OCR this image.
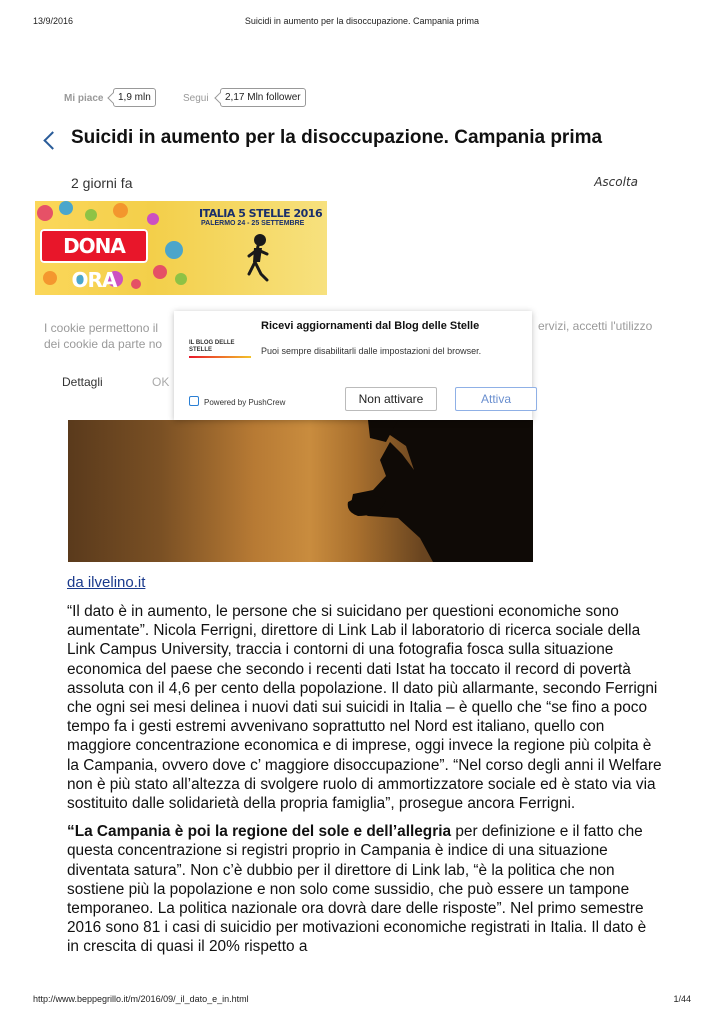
13/9/2016	Suicidi in aumento per la disoccupazione. Campania prima
Mi piace	1,9 mln	Segui	2,17 Mln follower
Suicidi in aumento per la disoccupazione. Campania prima
2 giorni fa	Ascolta
DONA ORA
ITALIA 5 STELLE 2016
PALERMO 24 - 25 SETTEMBRE
I cookie permettono il	ervizi, accetti l'utilizzo
dei cookie da parte no
Dettagli	OK
IL BLOG DELLE STELLE
Ricevi aggiornamenti dal Blog delle Stelle
Puoi sempre disabilitarli dalle impostazioni del browser.
Powered by PushCrew	Non attivare	Attiva
da ilvelino.it

“Il dato è in aumento, le persone che si suicidano per questioni economiche sono aumentate”. Nicola Ferrigni, direttore di Link Lab il laboratorio di ricerca sociale della Link Campus University, traccia i contorni di una fotografia fosca sulla situazione economica del paese che secondo i recenti dati Istat ha toccato il record di povertà assoluta con il 4,6 per cento della popolazione. Il dato più allarmante, secondo Ferrigni che ogni sei mesi delinea i nuovi dati sui suicidi in Italia – è quello che “se fino a poco tempo fa i gesti estremi avvenivano soprattutto nel Nord est italiano, quello con maggiore concentrazione economica e di imprese, oggi invece la regione più colpita è la Campania, ovvero dove c’ maggiore disoccupazione”. “Nel corso degli anni il Welfare non è più stato all’altezza di svolgere ruolo di ammortizzatore sociale ed è stato via via sostituito dalle solidarietà della propria famiglia”, prosegue ancora Ferrigni.

“La Campania è poi la regione del sole e dell’allegria per definizione e il fatto che questa concentrazione si registri proprio in Campania è indice di una situazione diventata satura”. Non c’è dubbio per il direttore di Link lab, “è la politica che non sostiene più la popolazione e non solo come sussidio, che può essere un tampone temporaneo. La politica nazionale ora dovrà dare delle risposte”. Nel primo semestre 2016 sono 81 i casi di suicidio per motivazioni economiche registrati in Italia. Il dato è in crescita di quasi il 20% rispetto a

http://www.beppegrillo.it/m/2016/09/_il_dato_e_in.html	1/44
